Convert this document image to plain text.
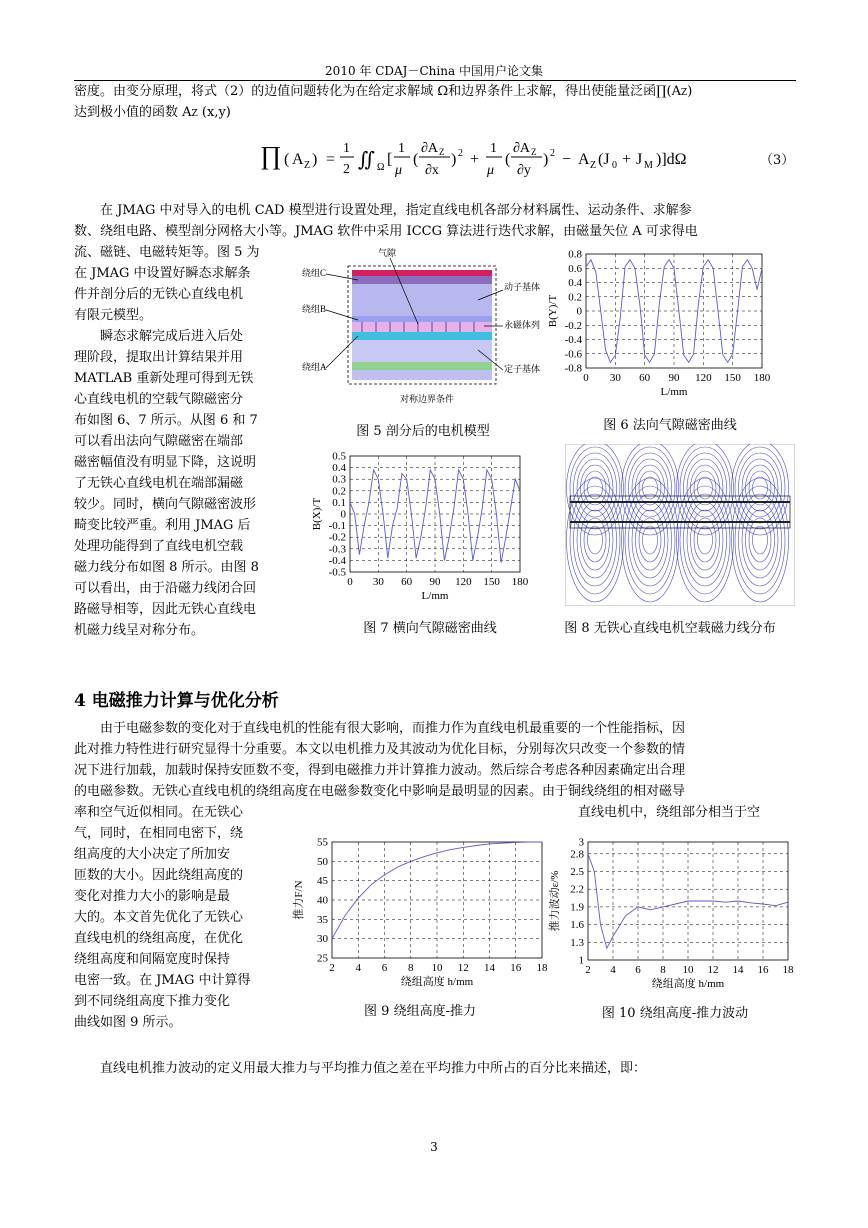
2010 年 CDAJ－China 中国用户论文集
密度。由变分原理，将式（2）的边值问题转化为在给定求解域 Ω和边界条件上求解，得出使能量泛函∏(AZ)
达到极小值的函数 AZ (x,y)
∏ ( A Z ) =
1
2 ∬ Ω [
1
μ
(
∂A Z
∂x
) 2 +
1
μ
(
∂A Z
∂y
) 2 − A Z (J 0 + J M )]dΩ	（3）
在 JMAG 中对导入的电机 CAD 模型进行设置处理，指定直线电机各部分材料属性、运动条件、求解参
数、绕组电路、模型剖分网格大小等。JMAG 软件中采用 ICCG 算法进行迭代求解，由磁量矢位 A 可求得电
流、磁链、电磁转矩等。图 5 为
在 JMAG 中设置好瞬态求解条
件并剖分后的无铁心直线电机
有限元模型。
　　瞬态求解完成后进入后处
理阶段，提取出计算结果并用
MATLAB 重新处理可得到无铁
心直线电机的空载气隙磁密分
布如图 6、7 所示。从图 6 和 7
可以看出法向气隙磁密在端部
磁密幅值没有明显下降，这说明
了无铁心直线电机在端部漏磁
较少。同时，横向气隙磁密波形
畸变比较严重。利用 JMAG 后
处理功能得到了直线电机空载
磁力线分布如图 8 所示。由图 8
可以看出，由于沿磁力线闭合回
路磁导相等，因此无铁心直线电
机磁力线呈对称分布。
气隙
绕组C
绕组B
绕组A
动子基体
永磁体列
定子基体
对称边界条件
图 5 剖分后的电机模型
-0.8
-0.6
-0.4
-0.2
0
0.2
0.4
0.6
0.8
0 30 60 90 120 150 180
L/mm
B(Y)/T
图 6 法向气隙磁密曲线
-0.5
-0.4
-0.3
-0.2
-0.1
0
0.1
0.2
0.3
0.4
0.5
0 30 60 90 120 150 180
L/mm
B(X)/T
图 7 横向气隙磁密曲线	图 8 无铁心直线电机空载磁力线分布
4 电磁推力计算与优化分析
由于电磁参数的变化对于直线电机的性能有很大影响，而推力作为直线电机最重要的一个性能指标，因
此对推力特性进行研究显得十分重要。本文以电机推力及其波动为优化目标，分别每次只改变一个参数的情
况下进行加载，加载时保持安匝数不变，得到电磁推力并计算推力波动。然后综合考虑各种因素确定出合理
的电磁参数。无铁心直线电机的绕组高度在电磁参数变化中影响是最明显的因素。由于铜线绕组的相对磁导
率和空气近似相同。在无铁心
气，同时，在相同电密下，绕
组高度的大小决定了所加安
匝数的大小。因此绕组高度的
变化对推力大小的影响是最
大的。本文首先优化了无铁心
直线电机的绕组高度，在优化
绕组高度和间隔宽度时保持
电密一致。在 JMAG 中计算得
到不同绕组高度下推力变化
曲线如图 9 所示。
直线电机中，绕组部分相当于空
25
30
35
40
45
50
55
2 4 6 8 10 12 14 16 18
绕组高度 h/mm
推力F/N
图 9 绕组高度-推力
1
1.3
1.6
1.9
2.2
2.5
2.8
3
2 4 6 8 10 12 14 16 18
绕组高度 h/mm
推力波动ε/%
图 10 绕组高度-推力波动
直线电机推力波动的定义用最大推力与平均推力值之差在平均推力中所占的百分比来描述，即：
3
